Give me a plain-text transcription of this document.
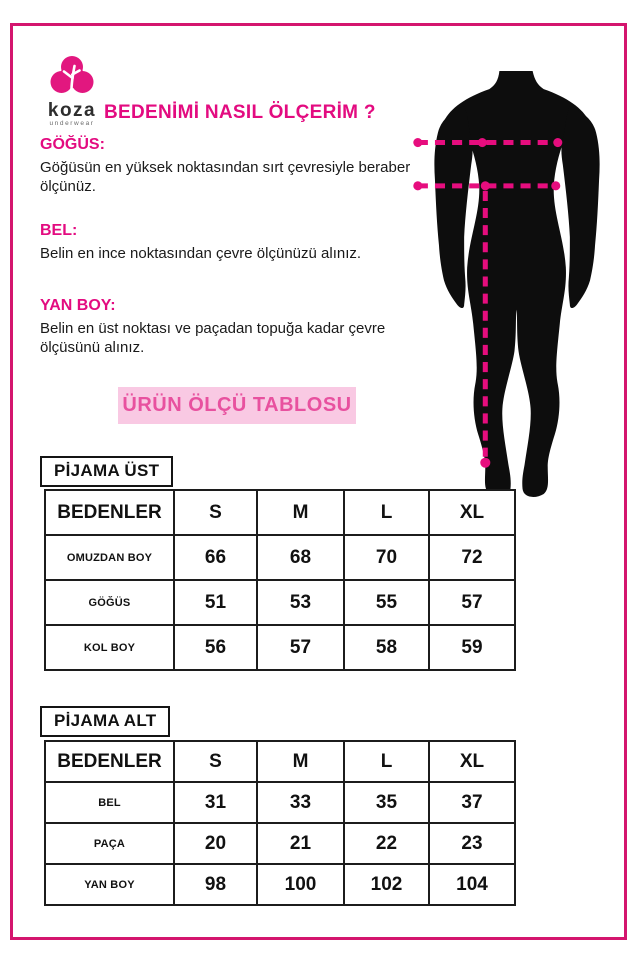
koza
underwear
BEDENİMİ NASIL ÖLÇERİM ?

GÖĞÜS:

Göğüsün en yüksek noktasından sırt çevresiyle beraber ölçünüz.

BEL:

Belin en ince noktasından çevre ölçünüzü alınız.

YAN BOY:

Belin en üst noktası ve paçadan topuğa kadar çevre ölçüsünü alınız.

ÜRÜN ÖLÇÜ TABLOSU
PİJAMA ÜST
BEDENLER	S	M	L	XL
OMUZDAN BOY	66	68	70	72
GÖĞÜS	51	53	55	57
KOL BOY	56	57	58	59
PİJAMA ALT
BEDENLER	S	M	L	XL
BEL	31	33	35	37
PAÇA	20	21	22	23
YAN BOY	98	100	102	104
